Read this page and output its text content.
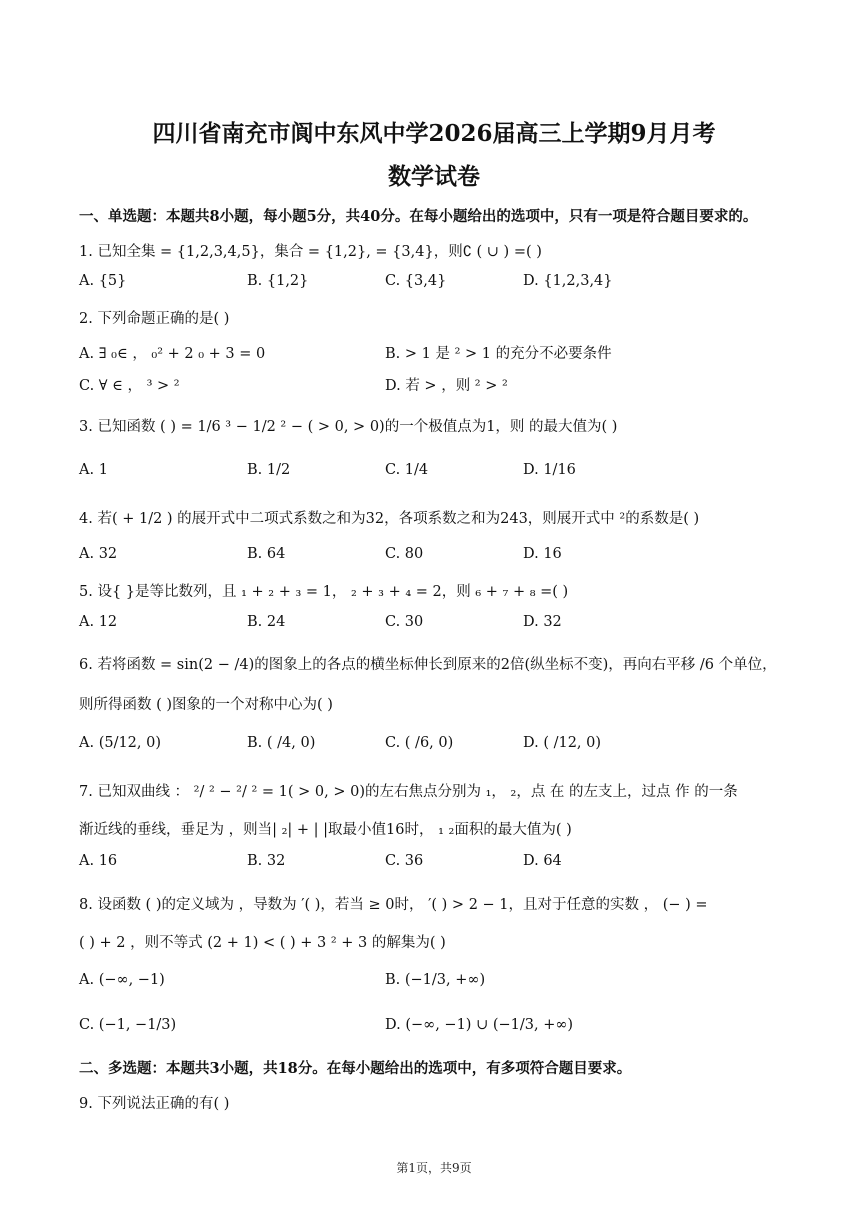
四川省南充市阆中东风中学2026届高三上学期9月月考
数学试卷
一、单选题：本题共8小题，每小题5分，共40分。在每小题给出的选项中，只有一项是符合题目要求的。
1. 已知全集 = {1,2,3,4,5}，集合 = {1,2}, = {3,4}，则∁ ( ∪ ) =( )
A. {5}	B. {1,2}	C. {3,4}	D. {1,2,3,4}
2. 下列命题正确的是( )
A. ∃ ₀∈ ， ₀² + 2 ₀ + 3 = 0	B. > 1 是 ² > 1 的充分不必要条件
C. ∀ ∈ ， ³ > ²	D. 若 > ，则 ² > ²
3. 已知函数 ( ) = 1/6 ³ − 1/2 ² − ( > 0, > 0)的一个极值点为1，则 的最大值为( )
A. 1	B. 1/2	C. 1/4	D. 1/16
4. 若( + 1/2 ) 的展开式中二项式系数之和为32，各项系数之和为243，则展开式中 ²的系数是( )
A. 32	B. 64	C. 80	D. 16
5. 设{ }是等比数列，且 ₁ + ₂ + ₃ = 1， ₂ + ₃ + ₄ = 2，则 ₆ + ₇ + ₈ =( )
A. 12	B. 24	C. 30	D. 32
6. 若将函数 = sin(2 − /4)的图象上的各点的横坐标伸长到原来的2倍(纵坐标不变)，再向右平移 /6 个单位，
则所得函数 ( )图象的一个对称中心为( )
A. (5/12, 0)	B. ( /4, 0)	C. ( /6, 0)	D. ( /12, 0)
7. 已知双曲线 ： ²/ ² − ²/ ² = 1( > 0, > 0)的左右焦点分别为 ₁， ₂，点 在 的左支上，过点 作 的一条
渐近线的垂线，垂足为 ，则当| ₂| + | |取最小值16时， ₁ ₂面积的最大值为( )
A. 16	B. 32	C. 36	D. 64
8. 设函数 ( )的定义域为 ，导数为 ′( )，若当 ≥ 0时， ′( ) > 2 − 1，且对于任意的实数 ， (− ) =
( ) + 2 ，则不等式 (2 + 1) < ( ) + 3 ² + 3 的解集为( )
A. (−∞, −1)	B. (−1/3, +∞)
C. (−1, −1/3)	D. (−∞, −1) ∪ (−1/3, +∞)
二、多选题：本题共3小题，共18分。在每小题给出的选项中，有多项符合题目要求。
9. 下列说法正确的有( )
第1页，共9页
